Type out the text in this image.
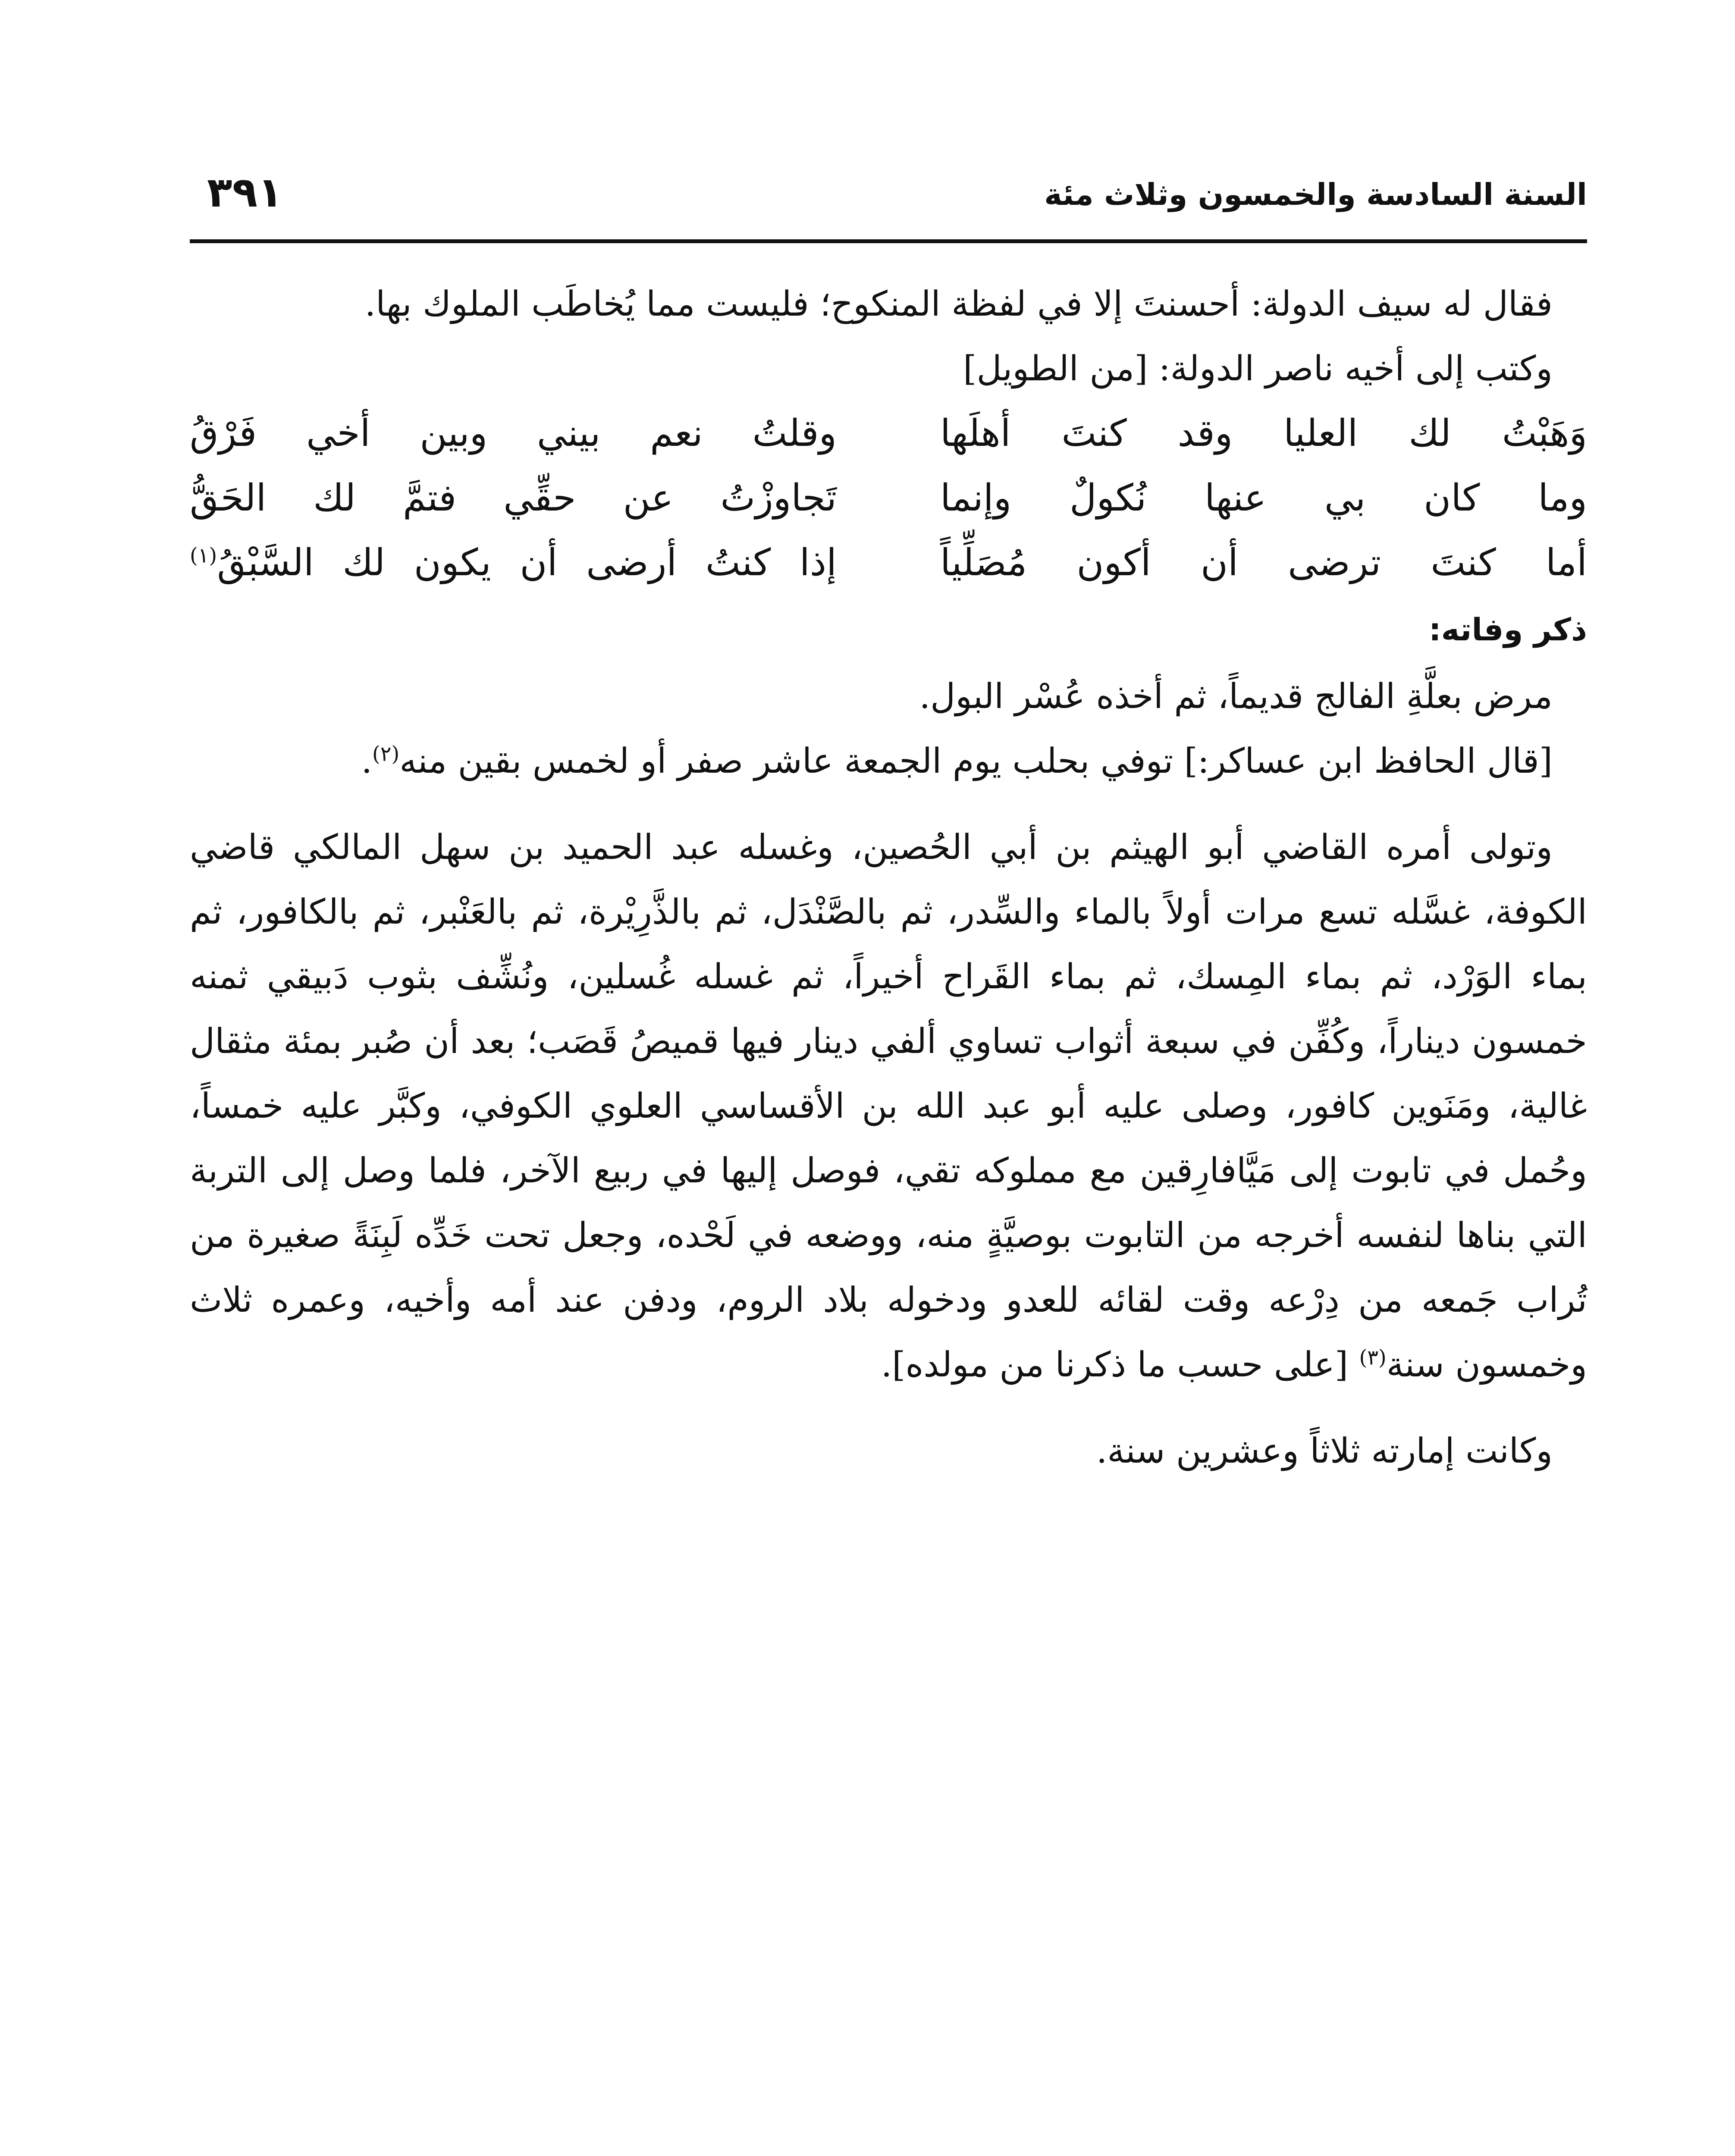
السنة السادسة والخمسون وثلاث مئة
٣٩١

فقال له سيف الدولة: أحسنتَ إلا في لفظة المنكوح؛ فليست مما يُخاطَب الملوك بها.

وكتب إلى أخيه ناصر الدولة: [من الطويل]

وَهَبْتُ لك العليا وقد كنتَ أهلَها
وقلتُ نعم بيني وبين أخي فَرْقُ
وما كان بي عنها نُكولٌ وإنما
تَجاوزْتُ عن حقِّي فتمَّ لك الحَقُّ
أما كنتَ ترضى أن أكون مُصَلِّياً
إذا كنتُ أرضى أن يكون لك السَّبْقُ$^{(١)}$

ذكر وفاته:

مرض بعلَّةِ الفالج قديماً، ثم أخذه عُسْر البول.

[قال الحافظ ابن عساكر:] توفي بحلب يوم الجمعة عاشر صفر أو لخمس بقين منه$^{(٢)}$.

وتولى أمره القاضي أبو الهيثم بن أبي الحُصين، وغسله عبد الحميد بن سهل المالكي قاضي الكوفة، غسَّله تسع مرات أولاً بالماء والسِّدر، ثم بالصَّنْدَل، ثم بالذَّرِيْرة، ثم بالعَنْبر، ثم بالكافور، ثم بماء الوَرْد، ثم بماء المِسك، ثم بماء القَراح أخيراً، ثم غسله غُسلين، ونُشِّف بثوب دَبيقي ثمنه خمسون ديناراً، وكُفِّن في سبعة أثواب تساوي ألفي دينار فيها قميصُ قَصَب؛ بعد أن صُبر بمئة مثقال غالية، ومَنَوين كافور، وصلى عليه أبو عبد الله بن الأقساسي العلوي الكوفي، وكبَّر عليه خمساً، وحُمل في تابوت إلى مَيَّافارِقين مع مملوكه تقي، فوصل إليها في ربيع الآخر، فلما وصل إلى التربة التي بناها لنفسه أخرجه من التابوت بوصيَّةٍ منه، ووضعه في لَحْده، وجعل تحت خَدِّه لَبِنَةً صغيرة من تُراب جَمعه من دِرْعه وقت لقائه للعدو ودخوله بلاد الروم، ودفن عند أمه وأخيه، وعمره ثلاث وخمسون سنة$^{(٣)}$ [على حسب ما ذكرنا من مولده].

وكانت إمارته ثلاثاً وعشرين سنة.
